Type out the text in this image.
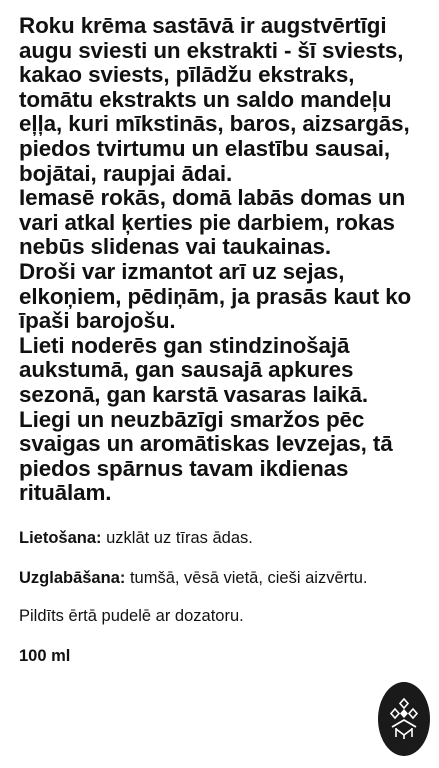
Roku krēma sastāvā ir augstvērtīgi augu sviesti un ekstrakti - šī sviests, kakao sviests, pīlādžu ekstraks, tomātu ekstrakts un saldo mandeļu eļļa, kuri mīkstinās, baros, aizsargās, piedos tvirtumu un elastību sausai, bojātai, raupjai ādai.

Iemasē rokās, domā labās domas un vari atkal ķerties pie darbiem, rokas nebūs slidenas vai taukainas.

Droši var izmantot arī uz sejas, elkoņiem, pēdiņām, ja prasās kaut ko īpaši barojošu.

Lieti noderēs gan stindzinošajā aukstumā, gan sausajā apkures sezonā, gan karstā vasaras laikā.

Liegi un neuzbāzīgi smaržos pēc svaigas un aromātiskas Ievzejas, tā piedos spārnus tavam ikdienas rituālam.

Lietošana: uzklāt uz tīras ādas.
Uzglabāšana: tumšā, vēsā vietā, cieši aizvērtu.
Pildīts ērtā pudelē ar dozatoru.
100 ml
